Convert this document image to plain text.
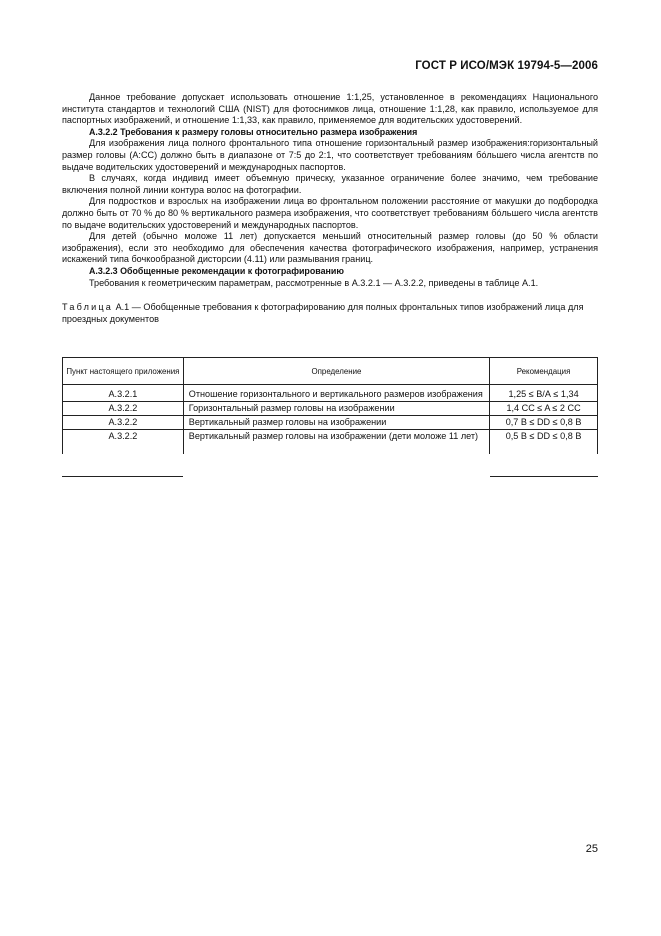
ГОСТ Р ИСО/МЭК 19794-5—2006

Данное требование допускает использовать отношение 1:1,25, установленное в рекомендациях Национального института стандартов и технологий США (NIST) для фотоснимков лица, отношение 1:1,28, как правило, используемое для паспортных изображений, и отношение 1:1,33, как правило, применяемое для водительских удостоверений.

А.3.2.2 Требования к размеру головы относительно размера изображения

Для изображения лица полного фронтального типа отношение горизонтальный размер изображения:горизонтальный размер головы (А:CC) должно быть в диапазоне от 7:5 до 2:1, что соответствует требованиям бóльшего числа агентств по выдаче водительских удостоверений и международных паспортов.

В случаях, когда индивид имеет объемную прическу, указанное ограничение более значимо, чем требование включения полной линии контура волос на фотографии.

Для подростков и взрослых на изображении лица во фронтальном положении расстояние от макушки до подбородка должно быть от 70 % до 80 % вертикального размера изображения, что соответствует требованиям бóльшего числа агентств по выдаче водительских удостоверений и международных паспортов.

Для детей (обычно моложе 11 лет) допускается меньший относительный размер головы (до 50 % области изображения), если это необходимо для обеспечения качества фотографического изображения, например, устранения искажений типа бочкообразной дисторсии (4.11) или размывания границ.

А.3.2.3 Обобщенные рекомендации к фотографированию

Требования к геометрическим параметрам, рассмотренные в А.3.2.1 — А.3.2.2, приведены в таблице А.1.

Таблица А.1 — Обобщенные требования к фотографированию для полных фронтальных типов изображений лица для проездных документов

Пункт настоящего приложения	Определение	Рекомендация
А.3.2.1	Отношение горизонтального и вертикального размеров изображения	1,25 ≤ В/А ≤ 1,34
А.3.2.2	Горизонтальный размер головы на изображении	1,4 CC ≤ A ≤ 2 CC
А.3.2.2	Вертикальный размер головы на изображении	0,7 В ≤ DD ≤ 0,8 В
А.3.2.2	Вертикальный размер головы на изображении (дети моложе 11 лет)	0,5 В ≤ DD ≤ 0,8 В
25
